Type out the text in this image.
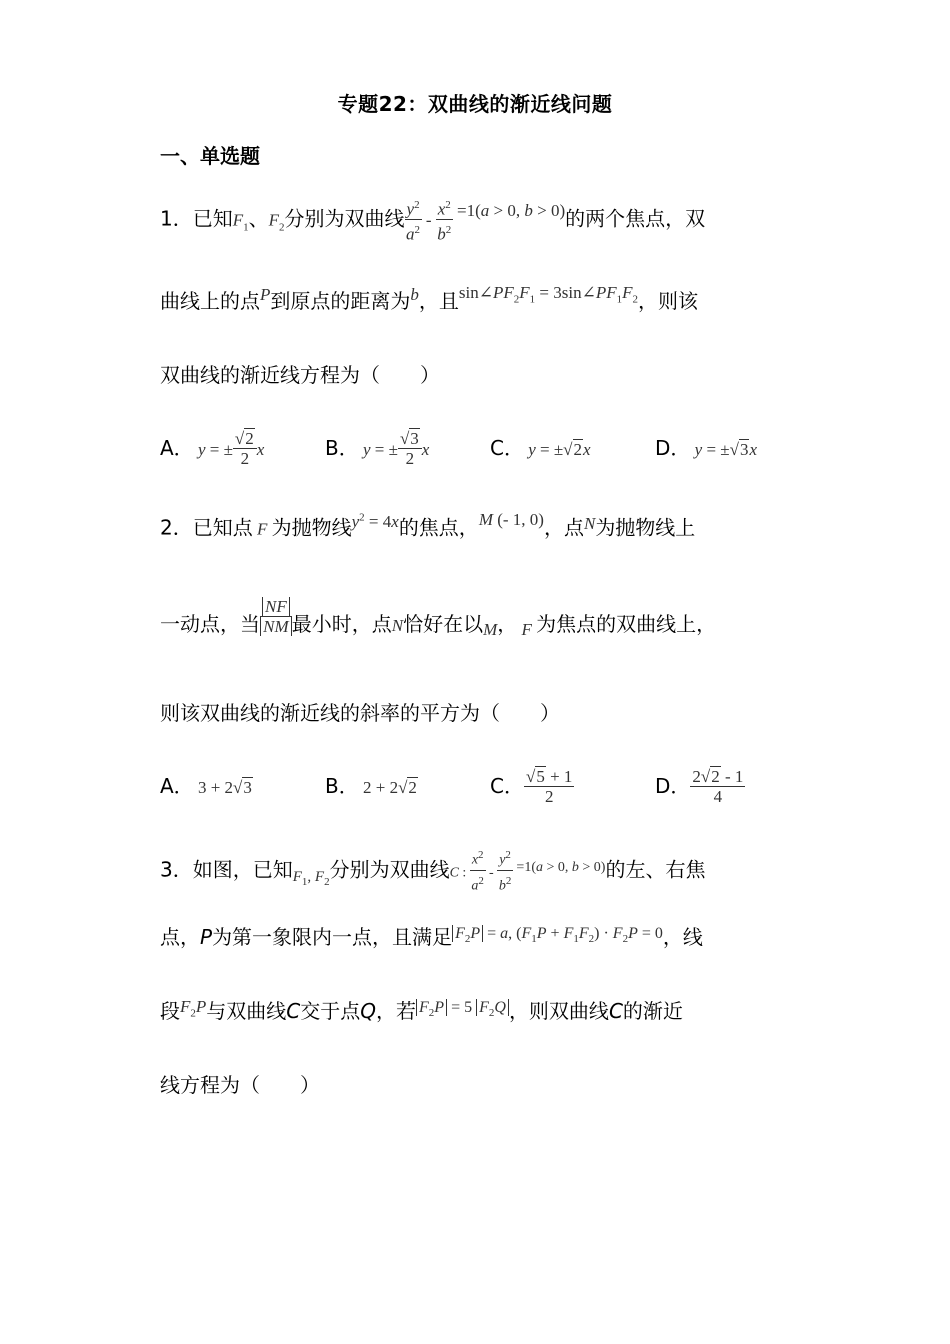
专题22：双曲线的渐近线问题
一、单选题
1．已知$F_1$、$F_2$分别为双曲线 $\frac{y^2}{a^2} - \frac{x^2}{b^2} ^{=1(a > 0, b > 0)}$的两个焦点，双
曲线上的点$^P$到原点的距离为$^b$，且$^{sin\angle PF_2F_1 = 3sin\angle PF_1F_2}$，则该
双曲线的渐近线方程为（　　）
A． y = ± $\frac{√2}{2}$ x	B． y = ± $\frac{√3}{2}$ x	C． y = ±√2x	D． y = ±√3x
2．已知点 F 为抛物线$^{y^2 = 4x}$的焦点，$^{M (- 1, 0)}$，点$^N$为抛物线上
一动点，当 $\frac{NF}{NM}$ 最小时，点N恰好在以$_M$， $_F$ 为焦点的双曲线上，
则该双曲线的渐近线的斜率的平方为（　　）
A． 3 + 2√3	B． 2 + 2√2	C． $\frac{√5 + 1}{2}$	D． $\frac{2√2 - 1}{4}$
3．如图，已知$_{F_1, F_2}$分别为双曲线C : $\frac{x^2}{a^2} - \frac{y^2}{b^2} ^{=1(a > 0, b > 0)}$的左、右焦
点，P为第一象限内一点，且满足 $^{F_2P = a, (F_1P + F_1F_2) \cdot F_2P = 0}$，线
段$^{F_2P}$与双曲线C交于点Q，若 $^{F_2P = 5 F_2Q}$ ，则双曲线C的渐近
线方程为（　　）
